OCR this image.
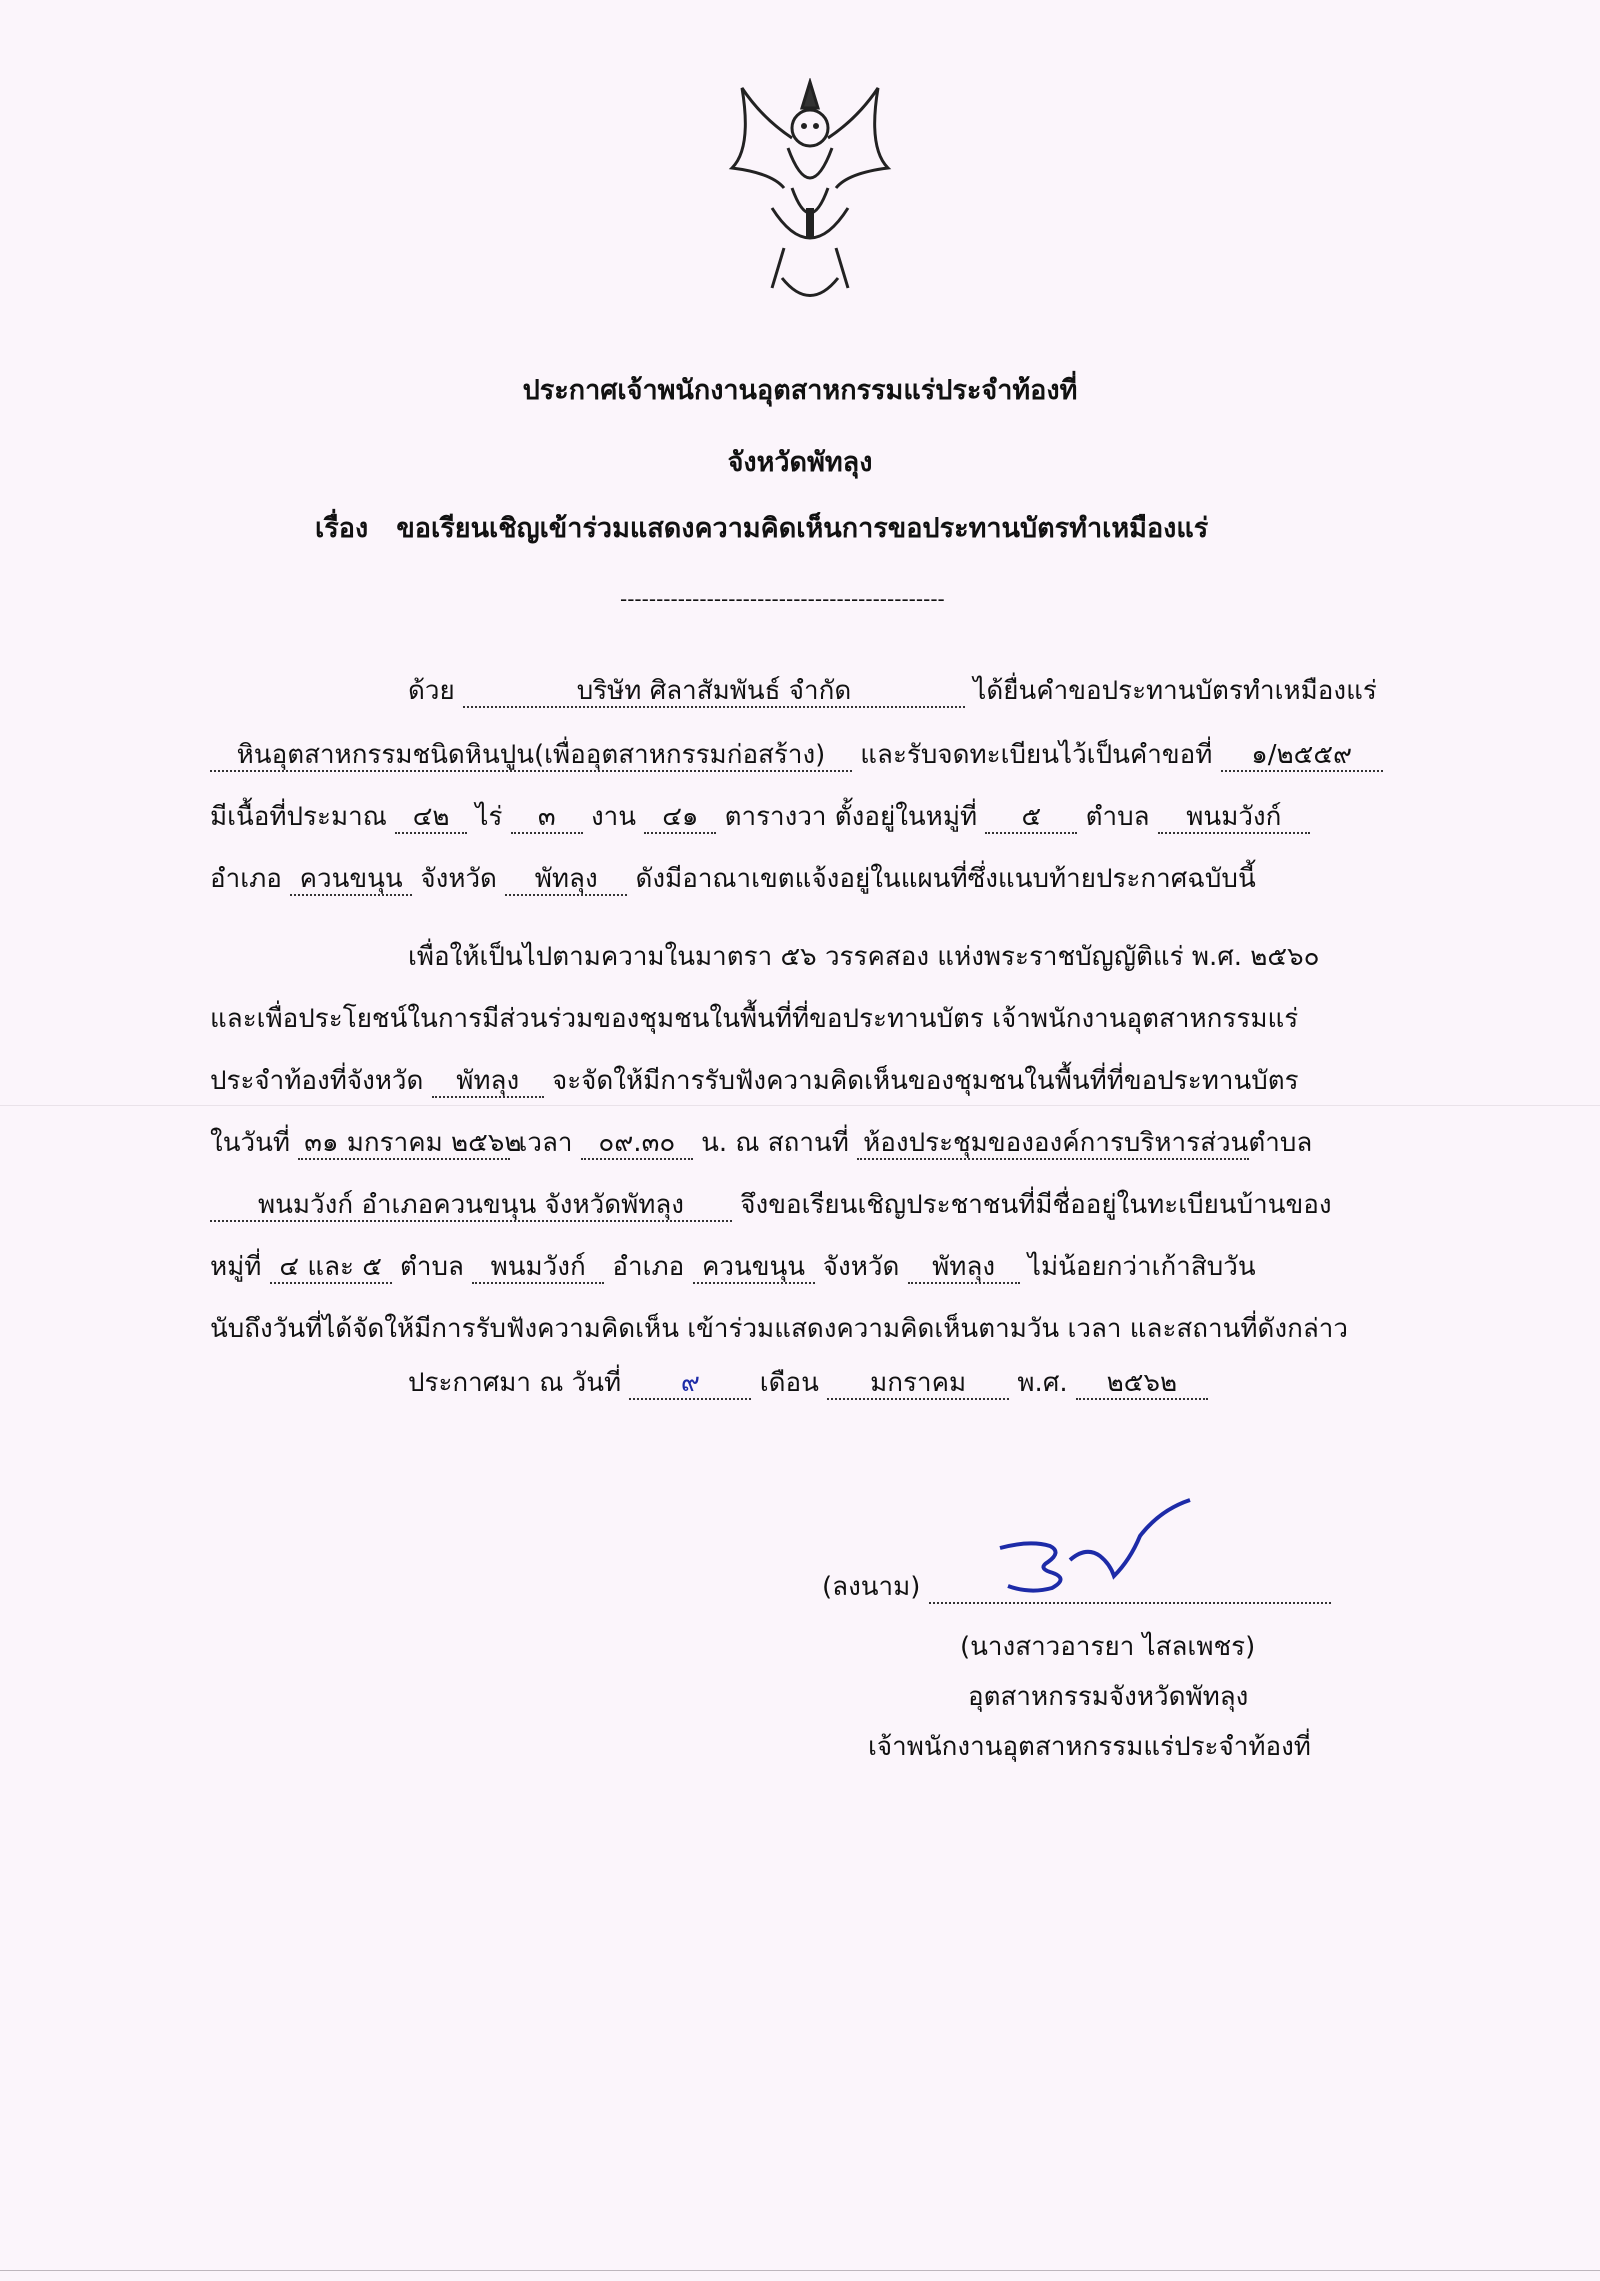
ประกาศเจ้าพนักงานอุตสาหกรรมแร่ประจำท้องที่
จังหวัดพัทลุง
เรื่อง ขอเรียนเชิญเข้าร่วมแสดงความคิดเห็นการขอประทานบัตรทำเหมืองแร่
---------------------------------------------
ด้วย	บริษัท ศิลาสัมพันธ์ จำกัด	ได้ยื่นคำขอประทานบัตรทำเหมืองแร่
หินอุตสาหกรรมชนิดหินปูน(เพื่ออุตสาหกรรมก่อสร้าง) และรับจดทะเบียนไว้เป็นคำขอที่ ๑/๒๕๕๙
มีเนื้อที่ประมาณ ๔๒ ไร่ ๓ งาน ๔๑ ตารางวา ตั้งอยู่ในหมู่ที่ ๕ ตำบล พนมวังก์
อำเภอ ควนขนุน จังหวัด พัทลุง ดังมีอาณาเขตแจ้งอยู่ในแผนที่ซึ่งแนบท้ายประกาศฉบับนี้
เพื่อให้เป็นไปตามความในมาตรา ๕๖ วรรคสอง แห่งพระราชบัญญัติแร่ พ.ศ. ๒๕๖๐
และเพื่อประโยชน์ในการมีส่วนร่วมของชุมชนในพื้นที่ที่ขอประทานบัตร เจ้าพนักงานอุตสาหกรรมแร่
ประจำท้องที่จังหวัด พัทลุง จะจัดให้มีการรับฟังความคิดเห็นของชุมชนในพื้นที่ที่ขอประทานบัตร
ในวันที่ ๓๑ มกราคม ๒๕๖๒ เวลา ๐๙.๓๐ น. ณ สถานที่ ห้องประชุมขององค์การบริหารส่วนตำบล
พนมวังก์ อำเภอควนขนุน จังหวัดพัทลุง จึงขอเรียนเชิญประชาชนที่มีชื่ออยู่ในทะเบียนบ้านของ
หมู่ที่ ๔ และ ๕ ตำบล พนมวังก์ อำเภอ ควนขนุน จังหวัด พัทลุง ไม่น้อยกว่าเก้าสิบวัน
นับถึงวันที่ได้จัดให้มีการรับฟังความคิดเห็น เข้าร่วมแสดงความคิดเห็นตามวัน เวลา และสถานที่ดังกล่าว
ประกาศมา ณ วันที่ ๙ เดือน มกราคม พ.ศ. ๒๕๖๒
(ลงนาม)
(นางสาวอารยา ไสลเพชร)
อุตสาหกรรมจังหวัดพัทลุง
เจ้าพนักงานอุตสาหกรรมแร่ประจำท้องที่
